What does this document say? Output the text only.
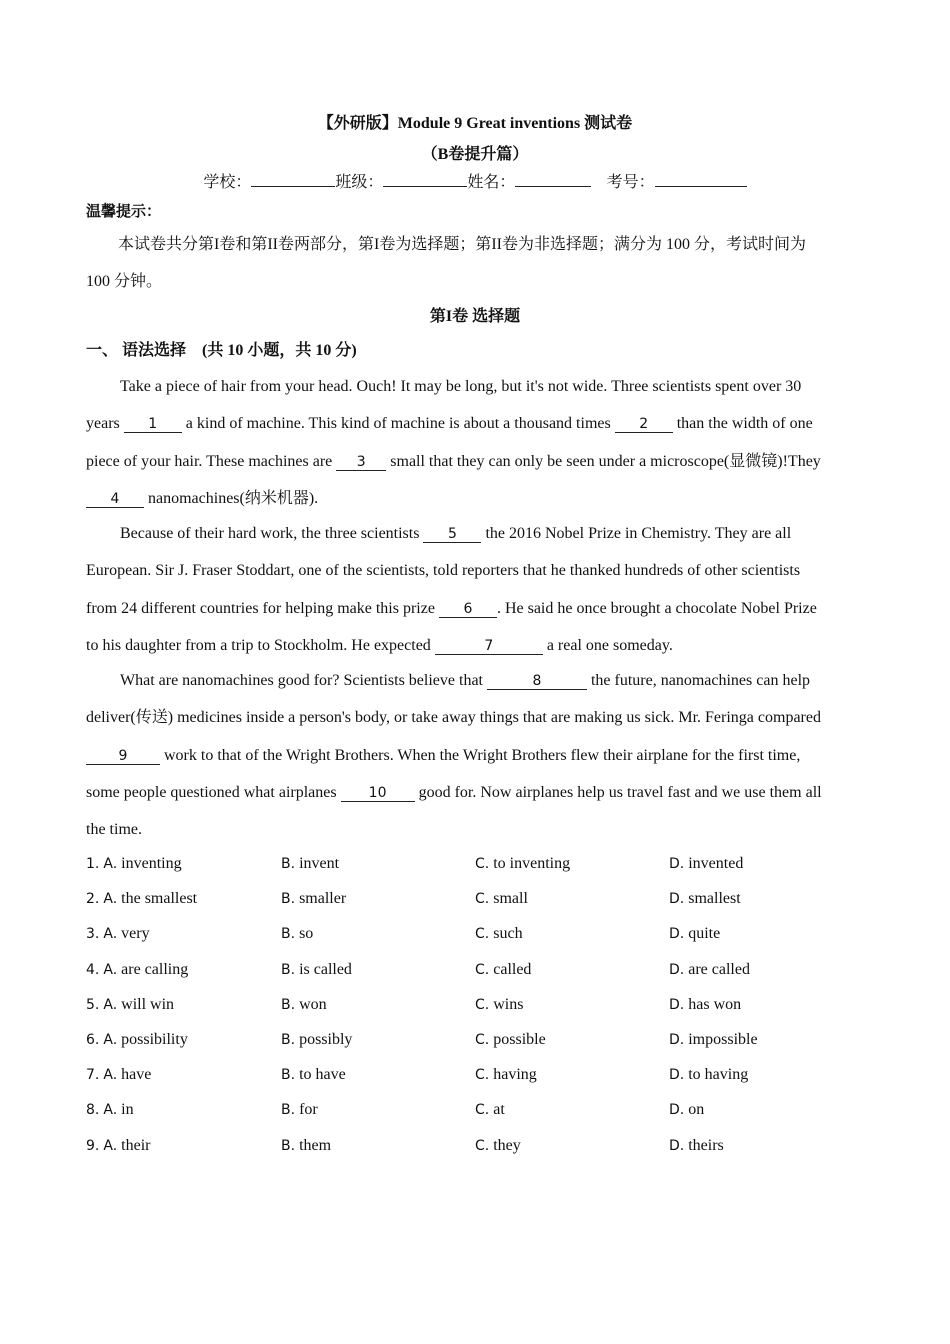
【外研版】Module 9 Great inventions 测试卷
（B卷提升篇）
学校：	班级：	姓名：	考号：
温馨提示：
本试卷共分第I卷和第II卷两部分，第I卷为选择题；第II卷为非选择题；满分为 100 分，考试时间为
100 分钟。
第I卷 选择题
一、 语法选择　(共 10 小题，共 10 分)
Take a piece of hair from your head. Ouch! It may be long, but it's not wide. Three scientists spent over 30
years 1 a kind of machine. This kind of machine is about a thousand times 2 than the width of one
piece of your hair. These machines are 3 small that they can only be seen under a microscope(显微镜)!They
4 nanomachines(纳米机器).
Because of their hard work, the three scientists 5 the 2016 Nobel Prize in Chemistry. They are all
European. Sir J. Fraser Stoddart, one of the scientists, told reporters that he thanked hundreds of other scientists
from 24 different countries for helping make this prize 6 . He said he once brought a chocolate Nobel Prize
to his daughter from a trip to Stockholm. He expected	7	a real one someday.
What are nanomachines good for? Scientists believe that	8	the future, nanomachines can help
deliver(传送) medicines inside a person's body, or take away things that are making us sick. Mr. Feringa compared
9 work to that of the Wright Brothers. When the Wright Brothers flew their airplane for the first time,
some people questioned what airplanes 10 good for. Now airplanes help us travel fast and we use them all
the time.
1. A. inventing	B. invent	C. to inventing	D. invented
2. A. the smallest	B. smaller	C. small	D. smallest
3. A. very	B. so	C. such	D. quite
4. A. are calling	B. is called	C. called	D. are called
5. A. will win	B. won	C. wins	D. has won
6. A. possibility	B. possibly	C. possible	D. impossible
7. A. have	B. to have	C. having	D. to having
8. A. in	B. for	C. at	D. on
9. A. their	B. them	C. they	D. theirs
